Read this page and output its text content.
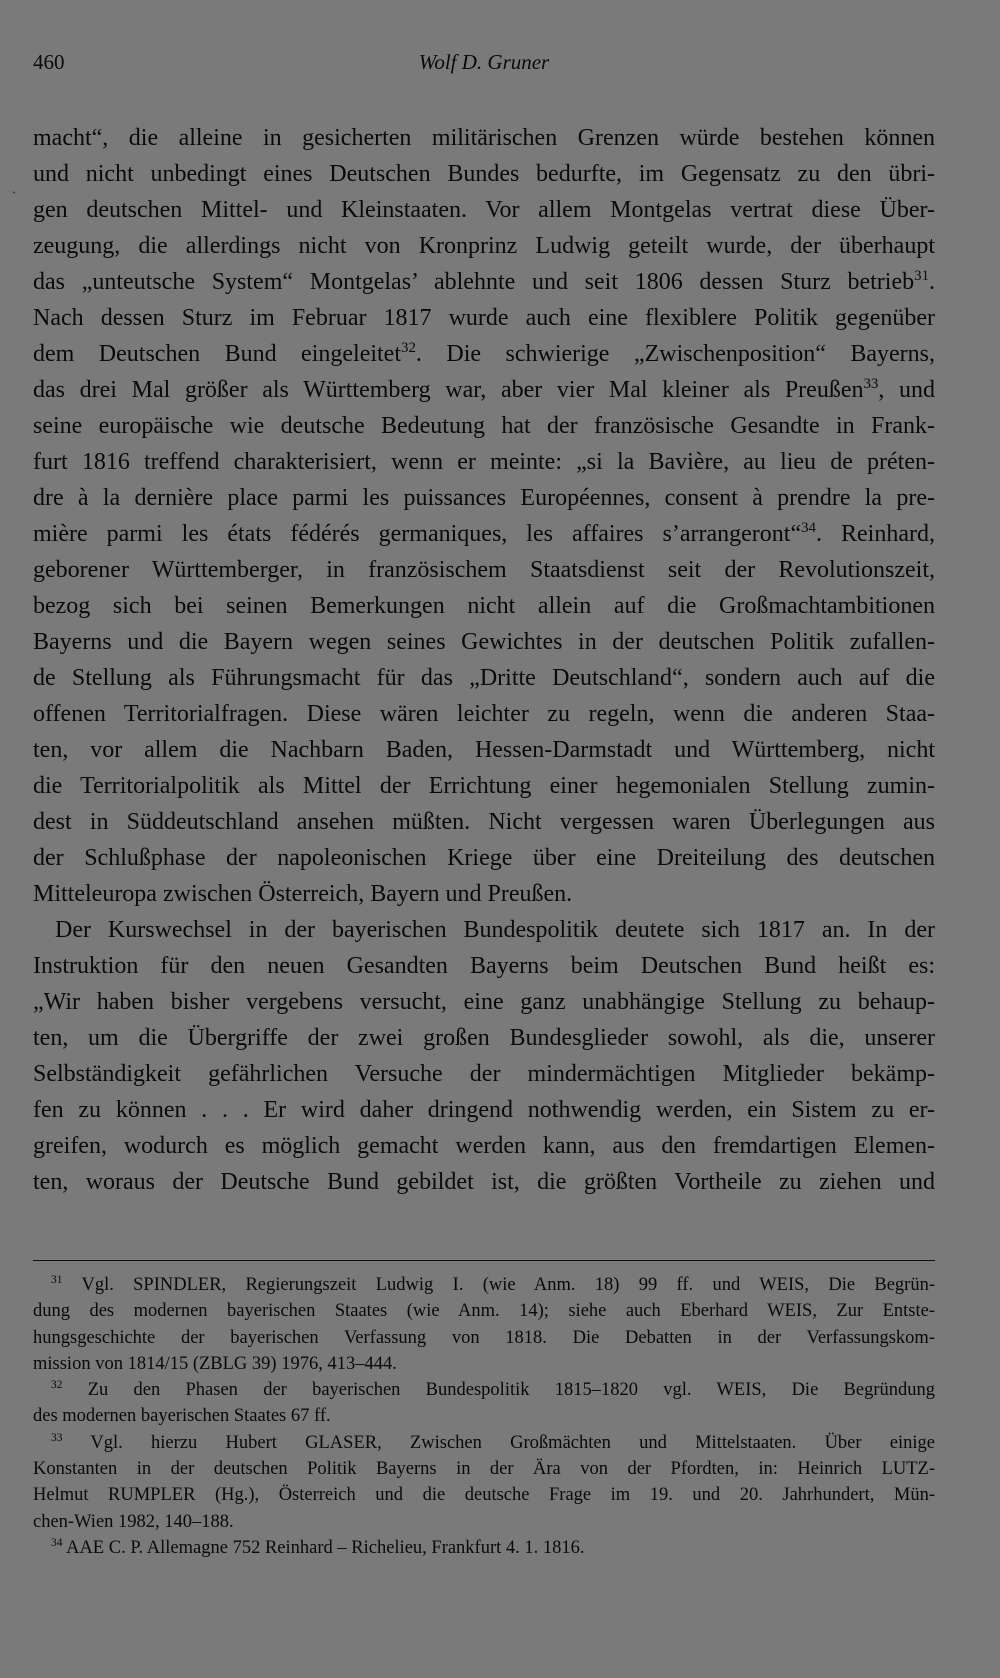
460	Wolf D. Gruner
ˎ
macht“, die alleine in gesicherten militärischen Grenzen würde bestehen können
und nicht unbedingt eines Deutschen Bundes bedurfte, im Gegensatz zu den übri-
gen deutschen Mittel- und Kleinstaaten. Vor allem Montgelas vertrat diese Über-
zeugung, die allerdings nicht von Kronprinz Ludwig geteilt wurde, der überhaupt
das „unteutsche System“ Montgelas’ ablehnte und seit 1806 dessen Sturz betrieb$^{31}$.
Nach dessen Sturz im Februar 1817 wurde auch eine flexiblere Politik gegenüber
dem Deutschen Bund eingeleitet$^{32}$. Die schwierige „Zwischenposition“ Bayerns,
das drei Mal größer als Württemberg war, aber vier Mal kleiner als Preußen$^{33}$, und
seine europäische wie deutsche Bedeutung hat der französische Gesandte in Frank-
furt 1816 treffend charakterisiert, wenn er meinte: „si la Bavière, au lieu de préten-
dre à la dernière place parmi les puissances Européennes, consent à prendre la pre-
mière parmi les états fédérés germaniques, les affaires s’arrangeront“$^{34}$. Reinhard,
geborener Württemberger, in französischem Staatsdienst seit der Revolutionszeit,
bezog sich bei seinen Bemerkungen nicht allein auf die Großmachtambitionen
Bayerns und die Bayern wegen seines Gewichtes in der deutschen Politik zufallen-
de Stellung als Führungsmacht für das „Dritte Deutschland“, sondern auch auf die
offenen Territorialfragen. Diese wären leichter zu regeln, wenn die anderen Staa-
ten, vor allem die Nachbarn Baden, Hessen-Darmstadt und Württemberg, nicht
die Territorialpolitik als Mittel der Errichtung einer hegemonialen Stellung zumin-
dest in Süddeutschland ansehen müßten. Nicht vergessen waren Überlegungen aus
der Schlußphase der napoleonischen Kriege über eine Dreiteilung des deutschen
Mitteleuropa zwischen Österreich, Bayern und Preußen.
Der Kurswechsel in der bayerischen Bundespolitik deutete sich 1817 an. In der
Instruktion für den neuen Gesandten Bayerns beim Deutschen Bund heißt es:
„Wir haben bisher vergebens versucht, eine ganz unabhängige Stellung zu behaup-
ten, um die Übergriffe der zwei großen Bundesglieder sowohl, als die, unserer
Selbständigkeit gefährlichen Versuche der mindermächtigen Mitglieder bekämp-
fen zu können . . . Er wird daher dringend nothwendig werden, ein Sistem zu er-
greifen, wodurch es möglich gemacht werden kann, aus den fremdartigen Elemen-
ten, woraus der Deutsche Bund gebildet ist, die größten Vortheile zu ziehen und
$^{31}$ Vgl. SPINDLER, Regierungszeit Ludwig I. (wie Anm. 18) 99 ff. und WEIS, Die Begrün-
dung des modernen bayerischen Staates (wie Anm. 14); siehe auch Eberhard WEIS, Zur Entste-
hungsgeschichte der bayerischen Verfassung von 1818. Die Debatten in der Verfassungskom-
mission von 1814/15 (ZBLG 39) 1976, 413–444.
$^{32}$ Zu den Phasen der bayerischen Bundespolitik 1815–1820 vgl. WEIS, Die Begründung
des modernen bayerischen Staates 67 ff.
$^{33}$ Vgl. hierzu Hubert GLASER, Zwischen Großmächten und Mittelstaaten. Über einige
Konstanten in der deutschen Politik Bayerns in der Ära von der Pfordten, in: Heinrich LUTZ-
Helmut RUMPLER (Hg.), Österreich und die deutsche Frage im 19. und 20. Jahrhundert, Mün-
chen-Wien 1982, 140–188.
$^{34}$ AAE C. P. Allemagne 752 Reinhard – Richelieu, Frankfurt 4. 1. 1816.
